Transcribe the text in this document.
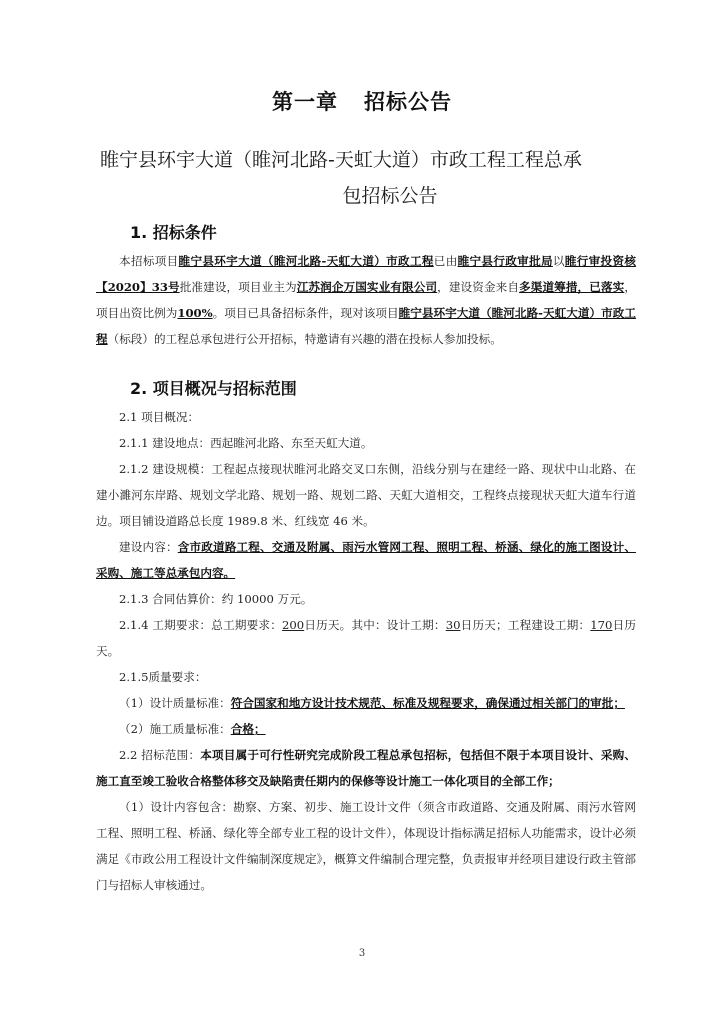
第一章 招标公告
睢宁县环宇大道（睢河北路-天虹大道）市政工程工程总承
包招标公告
1. 招标条件

本招标项目睢宁县环宇大道（睢河北路-天虹大道）市政工程已由睢宁县行政审批局以睢行审投资核【2020】33号批准建设，项目业主为江苏润企万国实业有限公司，建设资金来自多渠道筹措，已落实，项目出资比例为100%。项目已具备招标条件，现对该项目睢宁县环宇大道（睢河北路-天虹大道）市政工程（标段）的工程总承包进行公开招标，特邀请有兴趣的潜在投标人参加投标。

2. 项目概况与招标范围

2.1 项目概况：

2.1.1 建设地点：西起睢河北路、东至天虹大道。

2.1.2 建设规模：工程起点接现状睢河北路交叉口东侧，沿线分别与在建经一路、现状中山北路、在建小濉河东岸路、规划文学北路、规划一路、规划二路、天虹大道相交，工程终点接现状天虹大道车行道边。项目铺设道路总长度 1989.8 米、红线宽 46 米。

建设内容：含市政道路工程、交通及附属、雨污水管网工程、照明工程、桥涵、绿化的施工图设计、采购、施工等总承包内容。

2.1.3 合同估算价：约 10000 万元。

2.1.4 工期要求：总工期要求：200日历天。其中：设计工期：30日历天；工程建设工期：170日历天。

2.1.5质量要求：

（1）设计质量标准：符合国家和地方设计技术规范、标准及规程要求，确保通过相关部门的审批；

（2）施工质量标准：合格；

2.2 招标范围：本项目属于可行性研究完成阶段工程总承包招标，包括但不限于本项目设计、采购、施工直至竣工验收合格整体移交及缺陷责任期内的保修等设计施工一体化项目的全部工作；

（1）设计内容包含：勘察、方案、初步、施工设计文件（须含市政道路、交通及附属、雨污水管网工程、照明工程、桥涵、绿化等全部专业工程的设计文件），体现设计指标满足招标人功能需求，设计必须满足《市政公用工程设计文件编制深度规定》，概算文件编制合理完整，负责报审并经项目建设行政主管部门与招标人审核通过。

3
